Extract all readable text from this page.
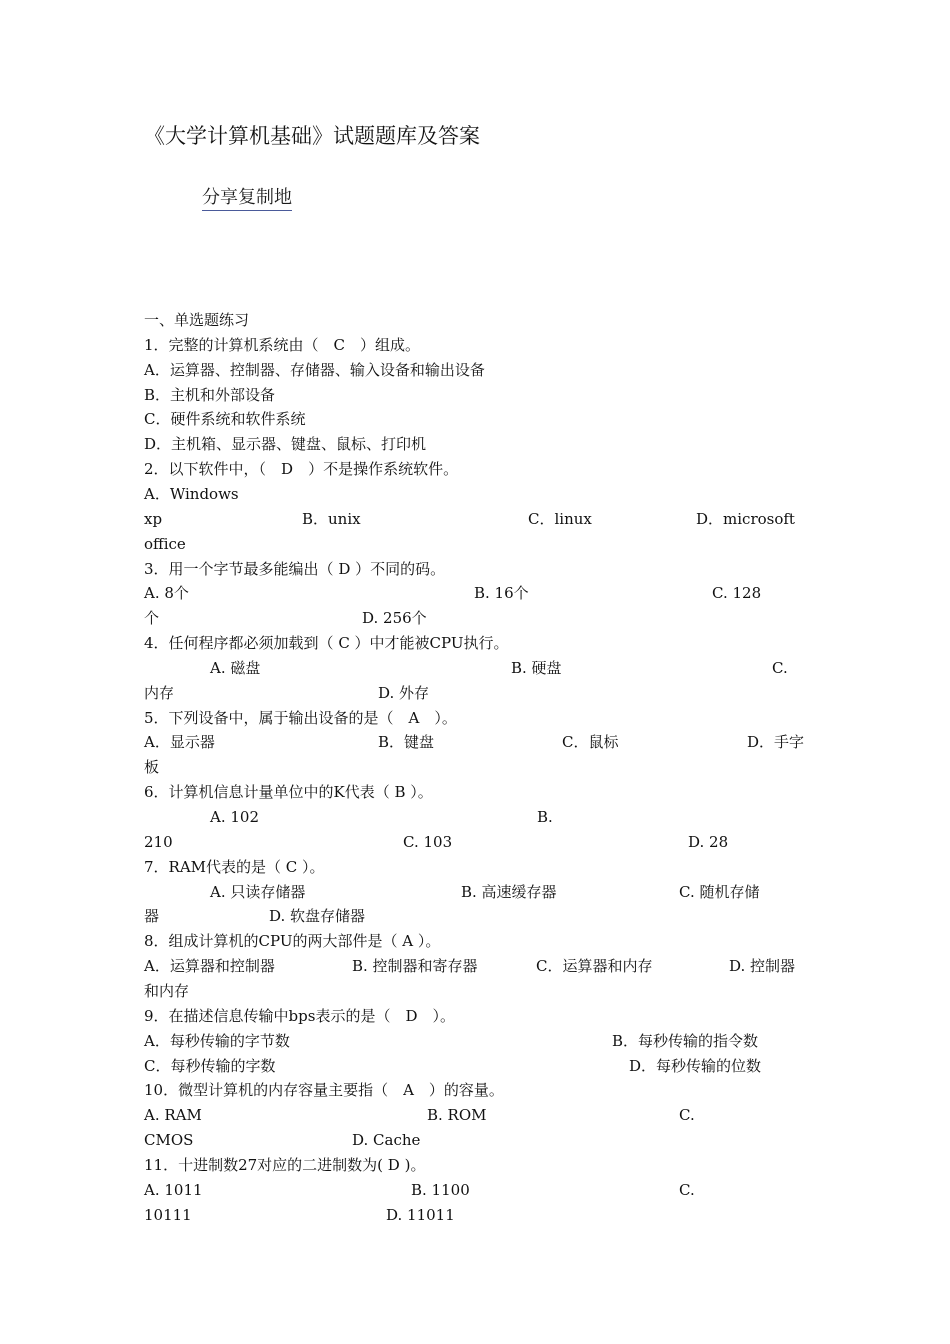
《大学计算机基础》试题题库及答案
分享复制地
一、单选题练习
1．完整的计算机系统由（　C　）组成。
A．运算器、控制器、存储器、输入设备和输出设备
B．主机和外部设备
C．硬件系统和软件系统
D．主机箱、显示器、键盘、鼠标、打印机
2．以下软件中，（　D　）不是操作系统软件。
A．Windows
xp	B．unix	C．linux	D．microsoft
office
3．用一个字节最多能编出（ D ）不同的码。
A. 8个	B. 16个	C. 128
个	D. 256个
4．任何程序都必须加载到（ C ）中才能被CPU执行。
A. 磁盘	B. 硬盘	C.
内存	D. 外存
5．下列设备中，属于输出设备的是（　A　）。
A．显示器	B．键盘	C．鼠标	D．手字
板
6．计算机信息计量单位中的K代表（ B ）。
A. 102	B.
210	C. 103	D. 28
7．RAM代表的是（ C ）。
A. 只读存储器	B. 高速缓存器	C. 随机存储
器	D. 软盘存储器
8．组成计算机的CPU的两大部件是（ A ）。
A．运算器和控制器	B. 控制器和寄存器	C．运算器和内存	D. 控制器
和内存
9．在描述信息传输中bps表示的是（　D　）。
A．每秒传输的字节数	B．每秒传输的指令数
C．每秒传输的字数	D．每秒传输的位数
10．微型计算机的内存容量主要指（　A　）的容量。
A. RAM	B. ROM	C.
CMOS	D. Cache
11．十进制数27对应的二进制数为( D )。
A. 1011	B. 1100	C.
10111	D. 11011
